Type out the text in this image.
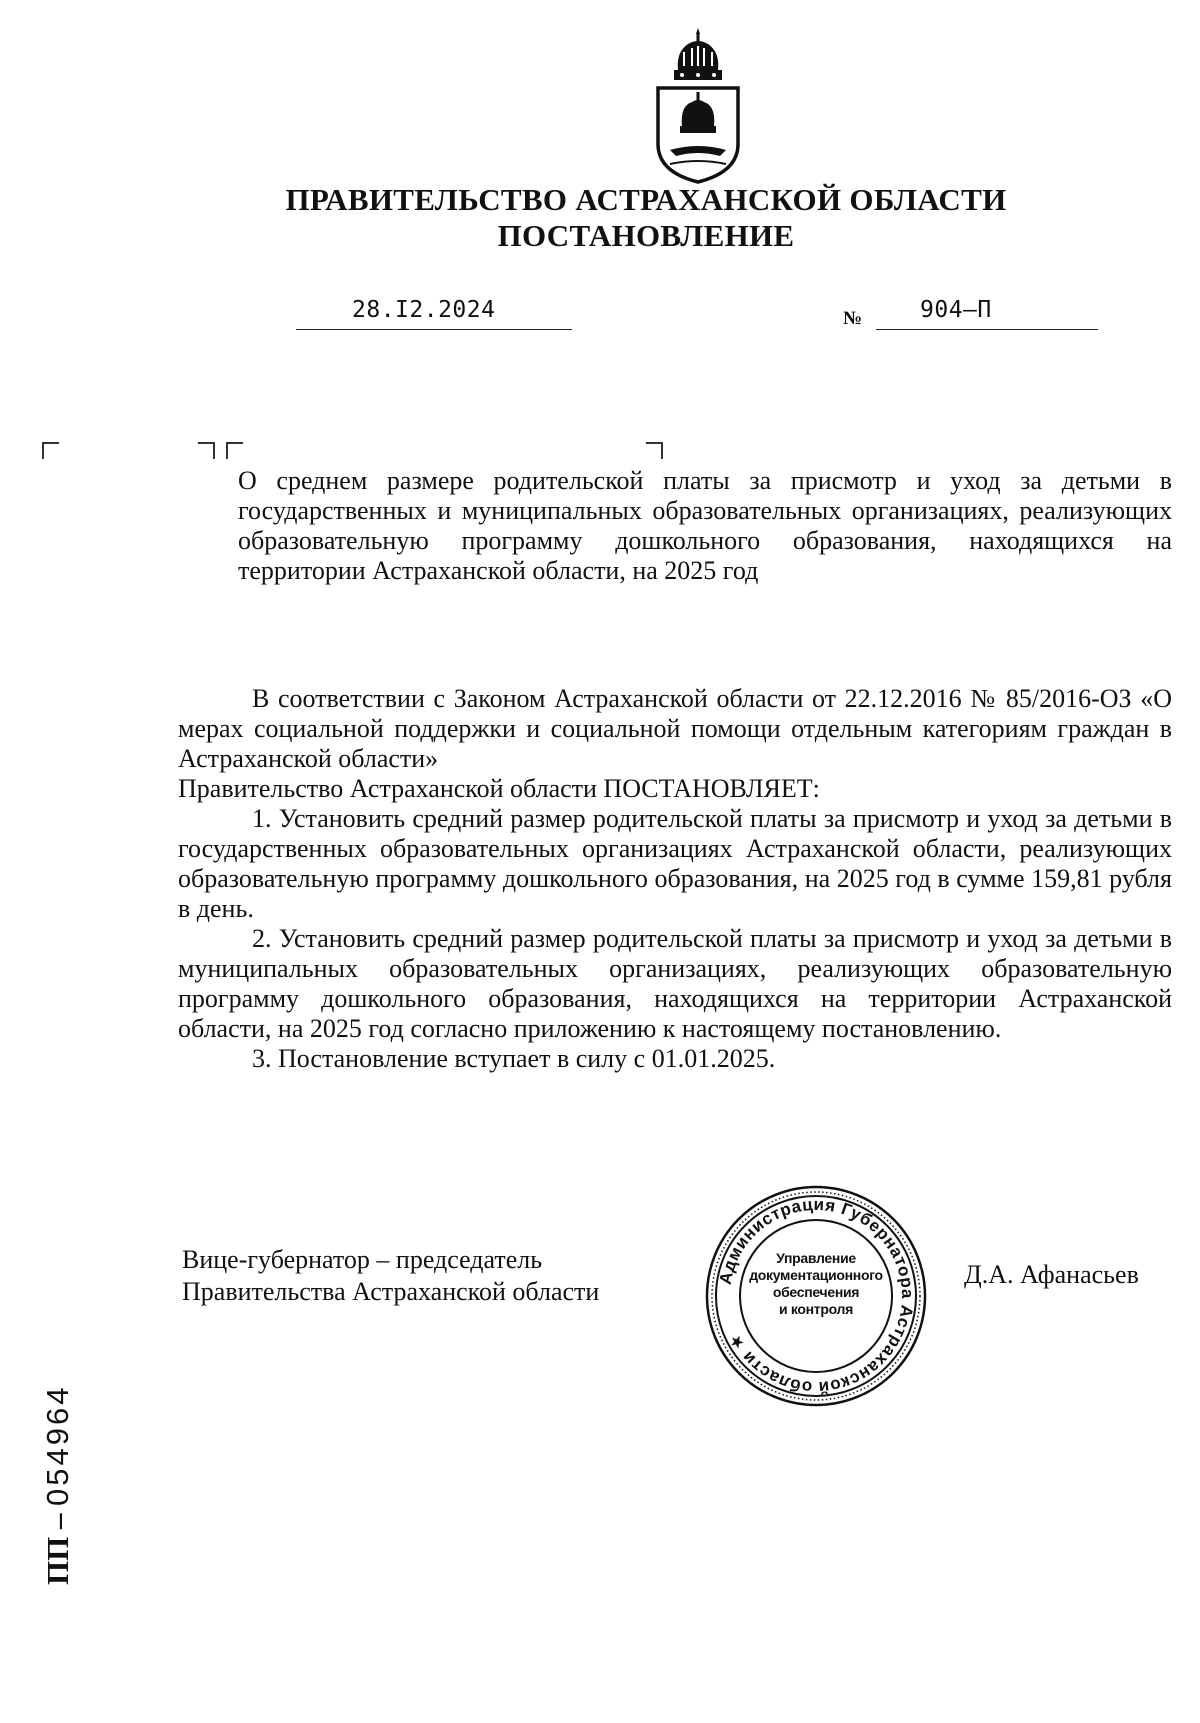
ПРАВИТЕЛЬСТВО АСТРАХАНСКОЙ ОБЛАСТИ
ПОСТАНОВЛЕНИЕ
28.I2.2024	№	904–П
О среднем размере родительской платы за присмотр и уход за детьми в государственных и муниципальных образовательных организациях, реализующих образовательную программу дошкольного образования, находящихся на территории Астраханской области, на 2025 год

В соответствии с Законом Астраханской области от 22.12.2016 № 85/2016-ОЗ «О мерах социальной поддержки и социальной помощи отдельным категориям граждан в Астраханской области»

Правительство Астраханской области ПОСТАНОВЛЯЕТ:

1. Установить средний размер родительской платы за присмотр и уход за детьми в государственных образовательных организациях Астраханской области, реализующих образовательную программу дошкольного образования, на 2025 год в сумме 159,81 рубля в день.

2. Установить средний размер родительской платы за присмотр и уход за детьми в муниципальных образовательных организациях, реализующих образовательную программу дошкольного образования, находящихся на территории Астраханской области, на 2025 год согласно приложению к настоящему постановлению.

3. Постановление вступает в силу с 01.01.2025.

Вице-губернатор – председатель
Правительства Астраханской области	Администрация Губернатора Астраханской области ★
Управление
документационного
обеспечения
и контроля
Д.А. Афанасьев
ПП – 054964
